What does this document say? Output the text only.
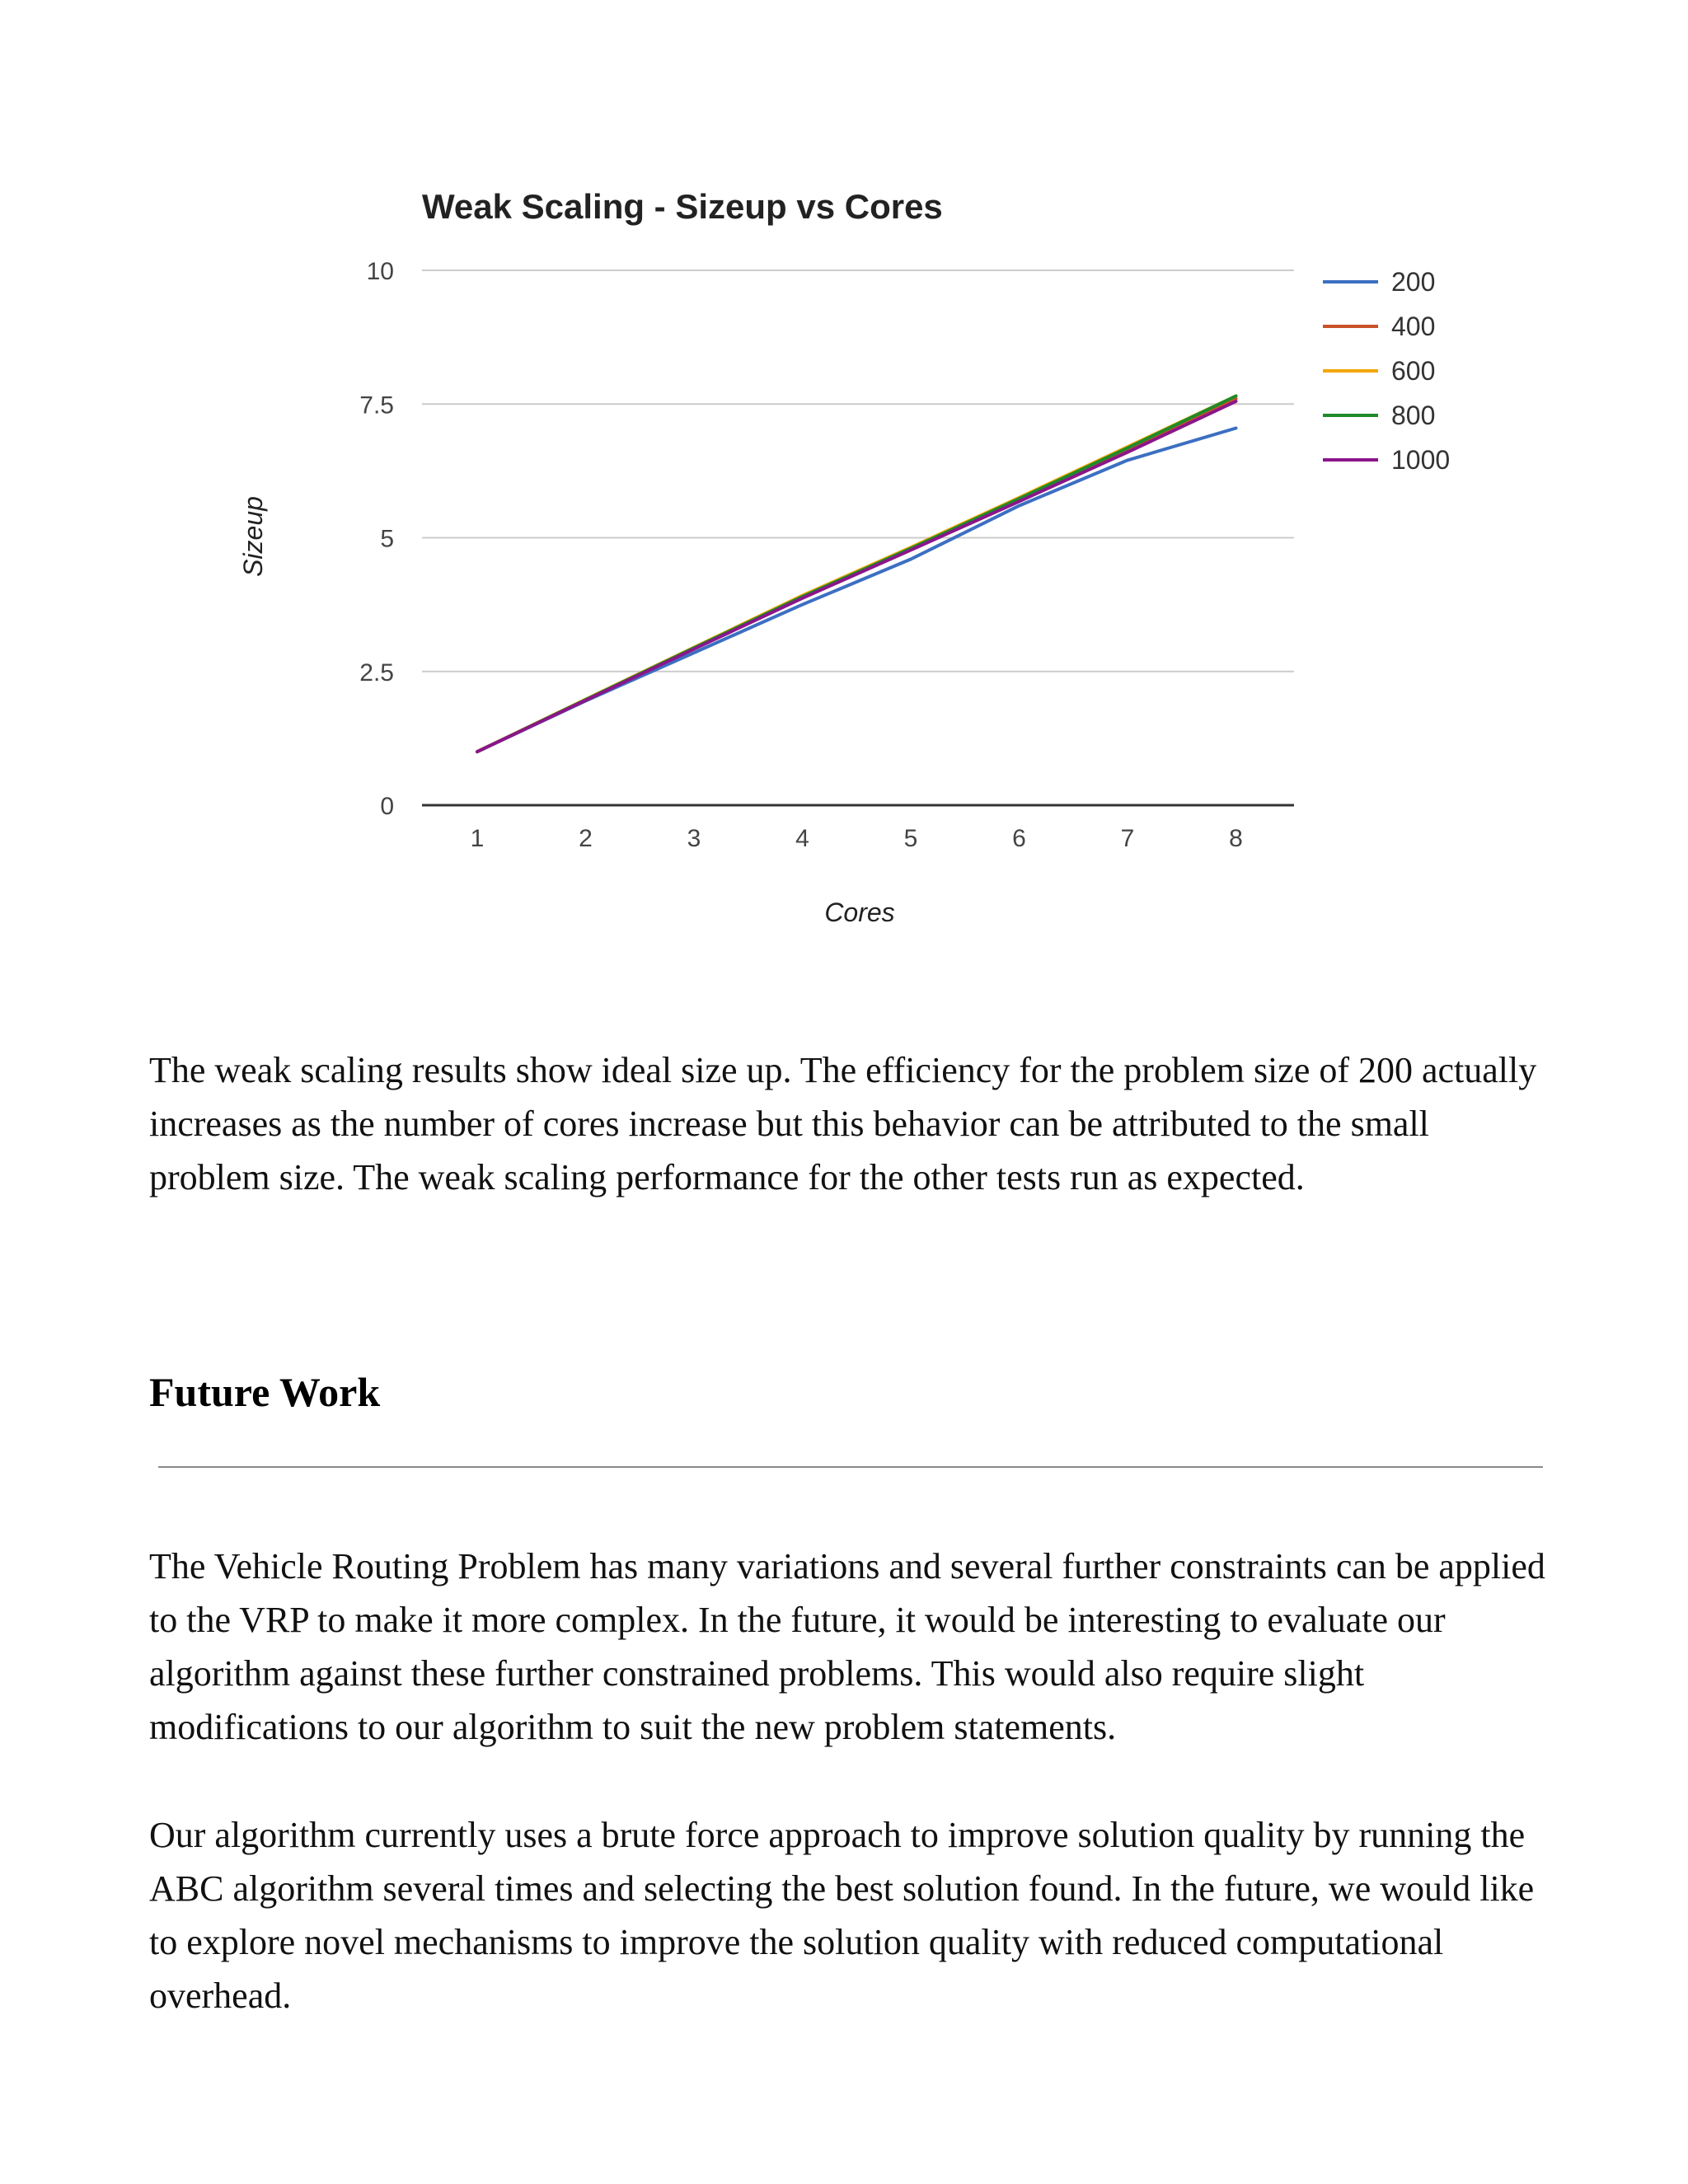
Weak Scaling - Sizeup vs Cores
0
2.5
5
7.5
10
1	2	3	4	5	6	7	8
Cores
Sizeup
200
400
600
800
1000

The weak scaling results show ideal size up. The efficiency for the problem size of 200 actually increases as the number of cores increase but this behavior can be attributed to the small problem size. The weak scaling performance for the other tests run as expected.

Future Work

The Vehicle Routing Problem has many variations and several further constraints can be applied to the VRP to make it more complex. In the future, it would be interesting to evaluate our algorithm against these further constrained problems. This would also require slight modifications to our algorithm to suit the new problem statements.

Our algorithm currently uses a brute force approach to improve solution quality by running the ABC algorithm several times and selecting the best solution found. In the future, we would like to explore novel mechanisms to improve the solution quality with reduced computational overhead.
